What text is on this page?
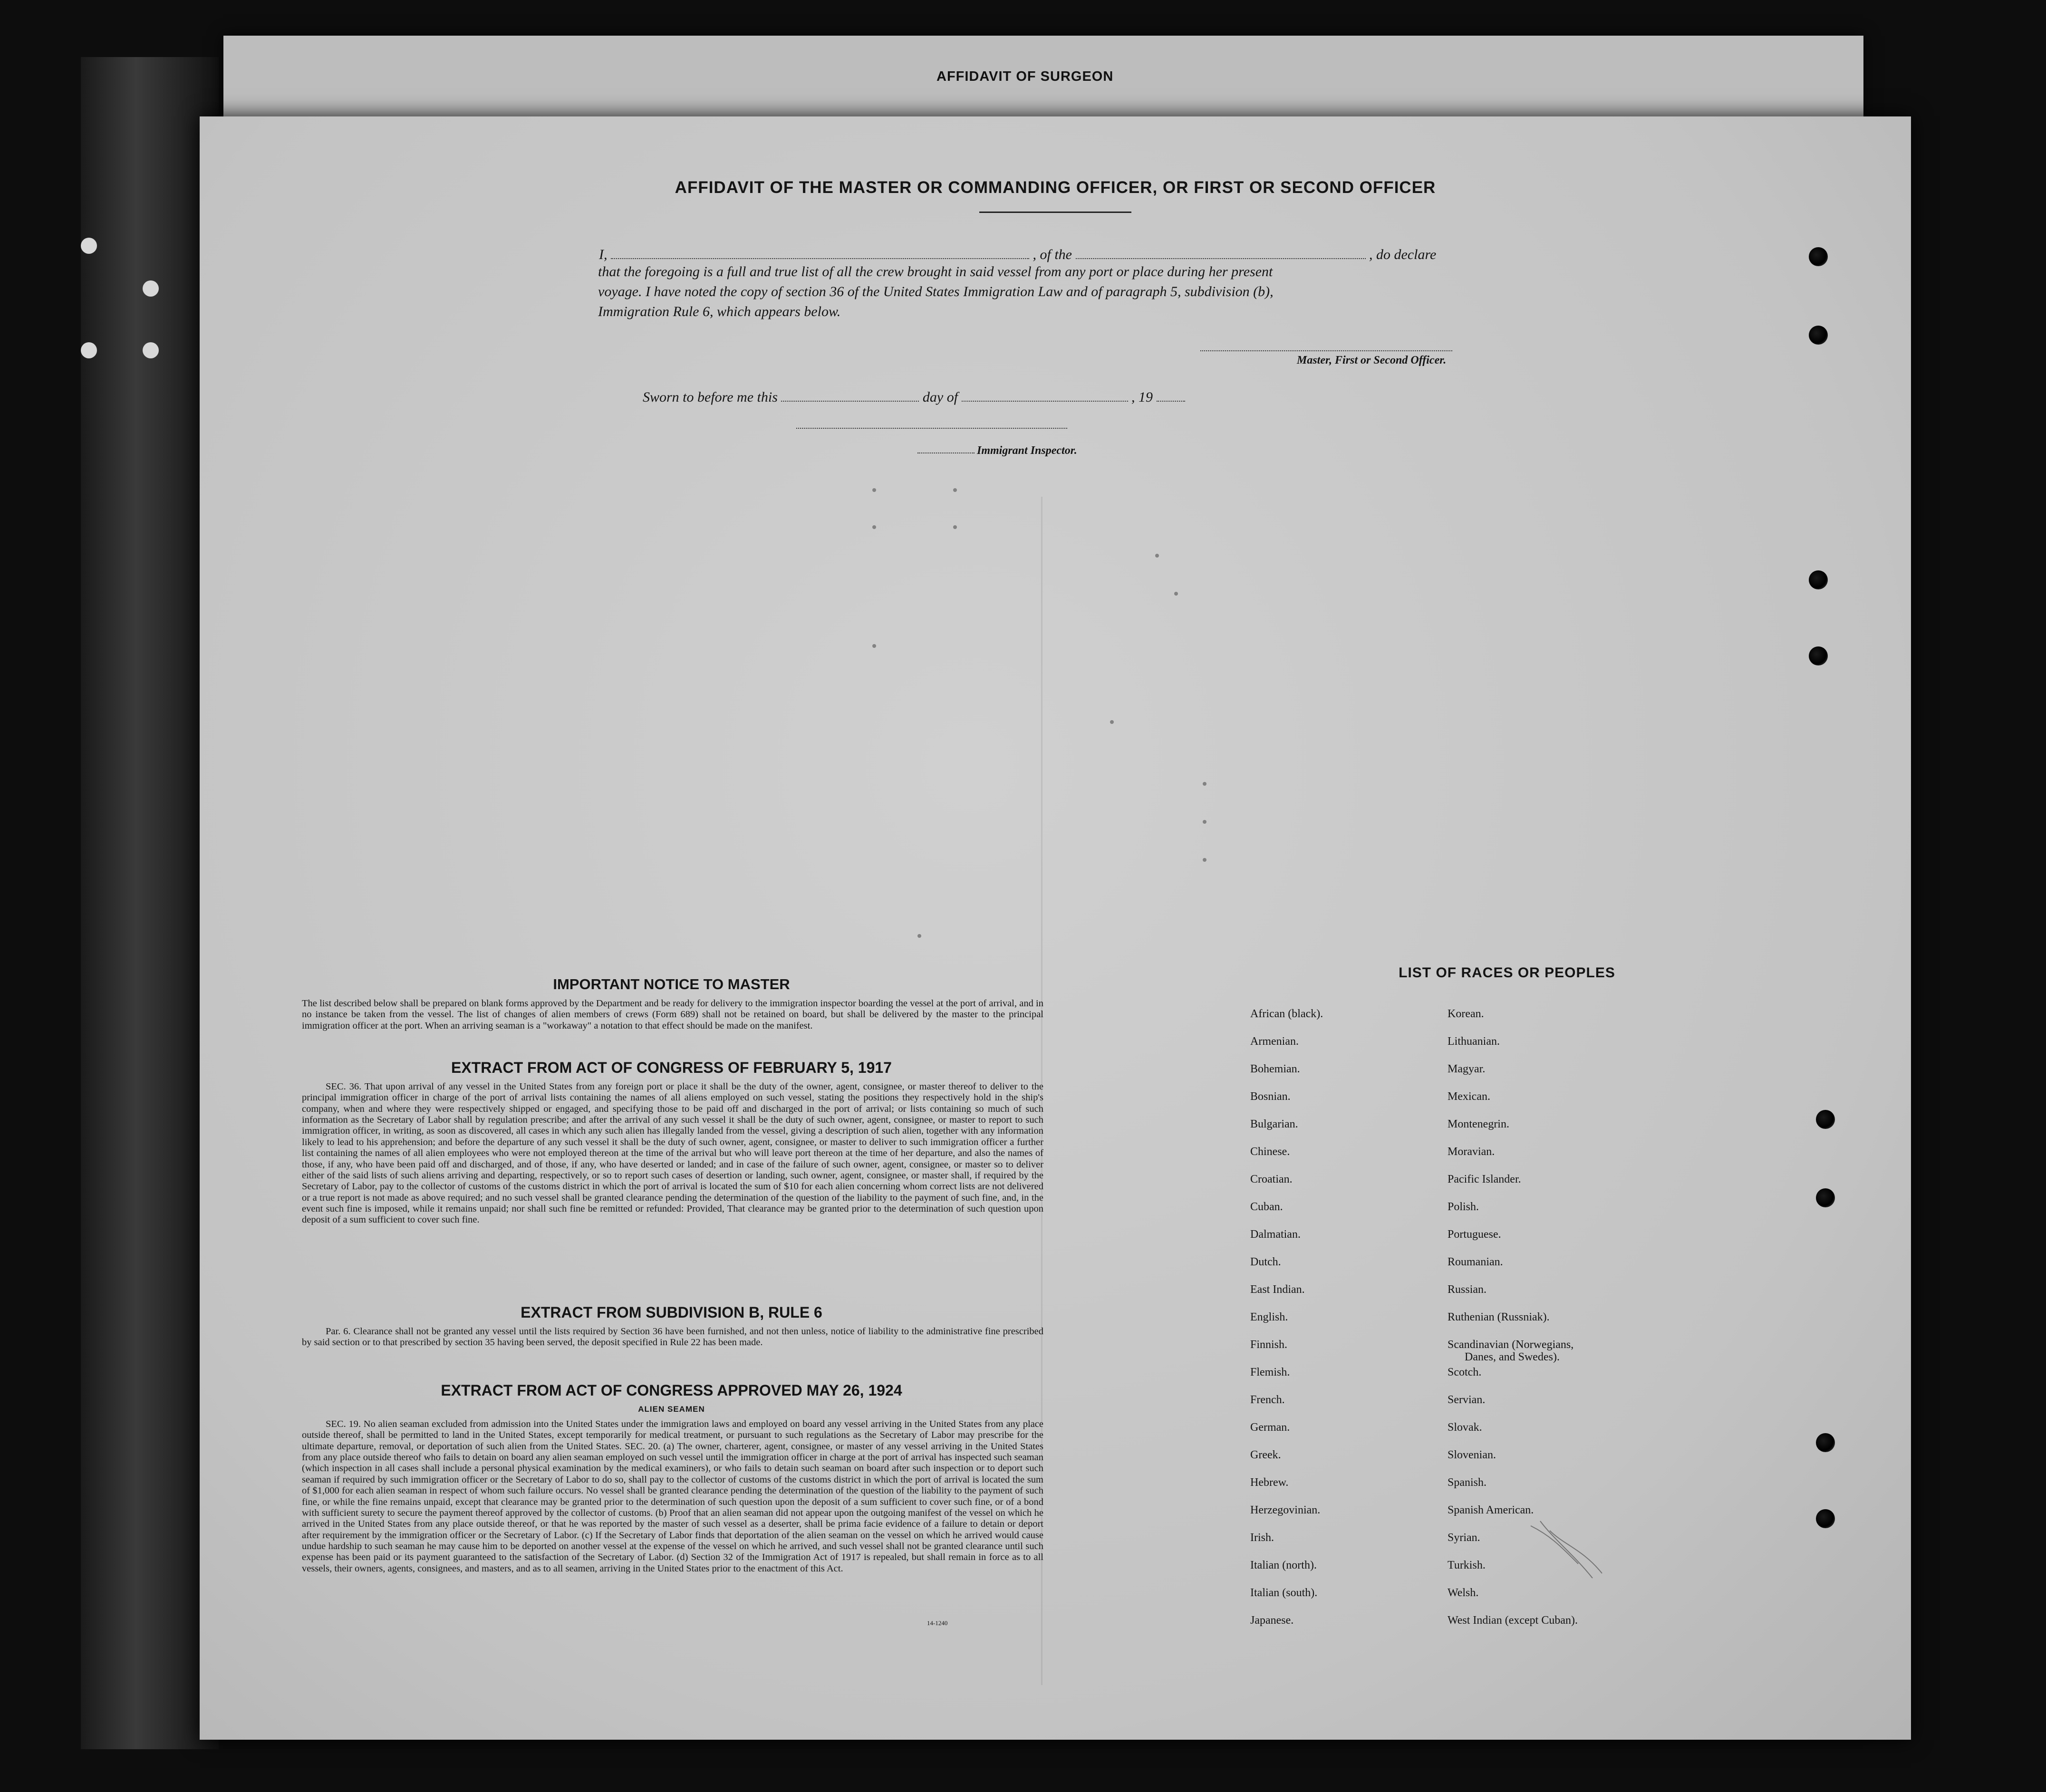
AFFIDAVIT OF SURGEON
AFFIDAVIT OF THE MASTER OR COMMANDING OFFICER, OR FIRST OR SECOND OFFICER
I,	, of the	, do declare
that the foregoing is a full and true list of all the crew brought in said vessel from any port or place during her present
voyage. I have noted the copy of section 36 of the United States Immigration Law and of paragraph 5, subdivision (b),
Immigration Rule 6, which appears below.
Master, First or Second Officer.
Sworn to before me this	day of	, 19
Immigrant Inspector.
IMPORTANT NOTICE TO MASTER
The list described below shall be prepared on blank forms approved by the Department and be ready for delivery to the immigration inspector boarding the vessel at the port of arrival, and in no instance be taken from the vessel. The list of changes of alien members of crews (Form 689) shall not be retained on board, but shall be delivered by the master to the principal immigration officer at the port. When an arriving seaman is a "workaway" a notation to that effect should be made on the manifest.
EXTRACT FROM ACT OF CONGRESS OF FEBRUARY 5, 1917
SEC. 36. That upon arrival of any vessel in the United States from any foreign port or place it shall be the duty of the owner, agent, consignee, or master thereof to deliver to the principal immigration officer in charge of the port of arrival lists containing the names of all aliens employed on such vessel, stating the positions they respectively hold in the ship's company, when and where they were respectively shipped or engaged, and specifying those to be paid off and discharged in the port of arrival; or lists containing so much of such information as the Secretary of Labor shall by regulation prescribe; and after the arrival of any such vessel it shall be the duty of such owner, agent, consignee, or master to report to such immigration officer, in writing, as soon as discovered, all cases in which any such alien has illegally landed from the vessel, giving a description of such alien, together with any information likely to lead to his apprehension; and before the departure of any such vessel it shall be the duty of such owner, agent, consignee, or master to deliver to such immigration officer a further list containing the names of all alien employees who were not employed thereon at the time of the arrival but who will leave port thereon at the time of her departure, and also the names of those, if any, who have been paid off and discharged, and of those, if any, who have deserted or landed; and in case of the failure of such owner, agent, consignee, or master so to deliver either of the said lists of such aliens arriving and departing, respectively, or so to report such cases of desertion or landing, such owner, agent, consignee, or master shall, if required by the Secretary of Labor, pay to the collector of customs of the customs district in which the port of arrival is located the sum of $10 for each alien concerning whom correct lists are not delivered or a true report is not made as above required; and no such vessel shall be granted clearance pending the determination of the question of the liability to the payment of such fine, and, in the event such fine is imposed, while it remains unpaid; nor shall such fine be remitted or refunded: Provided, That clearance may be granted prior to the determination of such question upon deposit of a sum sufficient to cover such fine.
EXTRACT FROM SUBDIVISION B, RULE 6
Par. 6. Clearance shall not be granted any vessel until the lists required by Section 36 have been furnished, and not then unless, notice of liability to the administrative fine prescribed by said section or to that prescribed by section 35 having been served, the deposit specified in Rule 22 has been made.
EXTRACT FROM ACT OF CONGRESS APPROVED MAY 26, 1924
ALIEN SEAMEN
SEC. 19. No alien seaman excluded from admission into the United States under the immigration laws and employed on board any vessel arriving in the United States from any place outside thereof, shall be permitted to land in the United States, except temporarily for medical treatment, or pursuant to such regulations as the Secretary of Labor may prescribe for the ultimate departure, removal, or deportation of such alien from the United States. SEC. 20. (a) The owner, charterer, agent, consignee, or master of any vessel arriving in the United States from any place outside thereof who fails to detain on board any alien seaman employed on such vessel until the immigration officer in charge at the port of arrival has inspected such seaman (which inspection in all cases shall include a personal physical examination by the medical examiners), or who fails to detain such seaman on board after such inspection or to deport such seaman if required by such immigration officer or the Secretary of Labor to do so, shall pay to the collector of customs of the customs district in which the port of arrival is located the sum of $1,000 for each alien seaman in respect of whom such failure occurs. No vessel shall be granted clearance pending the determination of the question of the liability to the payment of such fine, or while the fine remains unpaid, except that clearance may be granted prior to the determination of such question upon the deposit of a sum sufficient to cover such fine, or of a bond with sufficient surety to secure the payment thereof approved by the collector of customs. (b) Proof that an alien seaman did not appear upon the outgoing manifest of the vessel on which he arrived in the United States from any place outside thereof, or that he was reported by the master of such vessel as a deserter, shall be prima facie evidence of a failure to detain or deport after requirement by the immigration officer or the Secretary of Labor. (c) If the Secretary of Labor finds that deportation of the alien seaman on the vessel on which he arrived would cause undue hardship to such seaman he may cause him to be deported on another vessel at the expense of the vessel on which he arrived, and such vessel shall not be granted clearance until such expense has been paid or its payment guaranteed to the satisfaction of the Secretary of Labor. (d) Section 32 of the Immigration Act of 1917 is repealed, but shall remain in force as to all vessels, their owners, agents, consignees, and masters, and as to all seamen, arriving in the United States prior to the enactment of this Act.
14-1240
LIST OF RACES OR PEOPLES
African (black).
Armenian.
Bohemian.
Bosnian.
Bulgarian.
Chinese.
Croatian.
Cuban.
Dalmatian.
Dutch.
East Indian.
English.
Finnish.
Flemish.
French.
German.
Greek.
Hebrew.
Herzegovinian.
Irish.
Italian (north).
Italian (south).
Japanese.
Korean.
Lithuanian.
Magyar.
Mexican.
Montenegrin.
Moravian.
Pacific Islander.
Polish.
Portuguese.
Roumanian.
Russian.
Ruthenian (Russniak).
Scandinavian (Norwegians,
Danes, and Swedes).
Scotch.
Servian.
Slovak.
Slovenian.
Spanish.
Spanish American.
Syrian.
Turkish.
Welsh.
West Indian (except Cuban).
